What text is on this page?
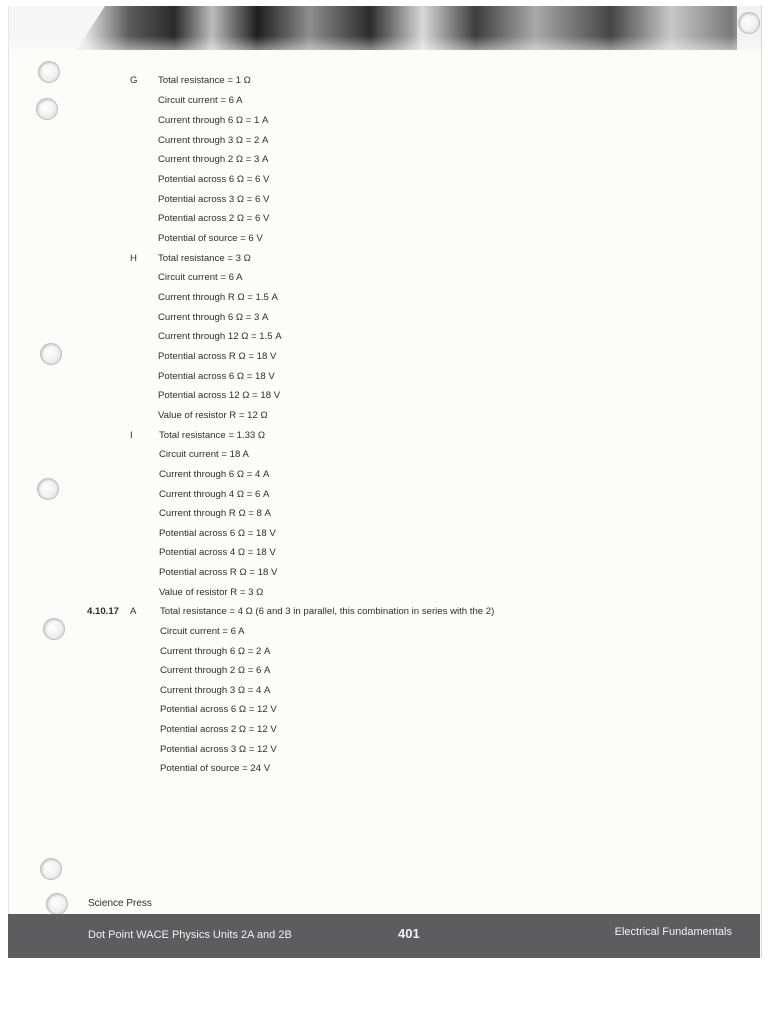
G Total resistance = 1 Ω
Circuit current = 6 A
Current through 6 Ω = 1 A
Current through 3 Ω = 2 A
Current through 2 Ω = 3 A
Potential across 6 Ω = 6 V
Potential across 3 Ω = 6 V
Potential across 2 Ω = 6 V
Potential of source = 6 V
H Total resistance = 3 Ω
Circuit current = 6 A
Current through R Ω = 1.5 A
Current through 6 Ω = 3 A
Current through 12 Ω = 1.5 A
Potential across R Ω = 18 V
Potential across 6 Ω = 18 V
Potential across 12 Ω = 18 V
Value of resistor R = 12 Ω
I	Total resistance = 1.33 Ω
Circuit current = 18 A
Current through 6 Ω = 4 A
Current through 4 Ω = 6 A
Current through R Ω = 8 A
Potential across 6 Ω = 18 V
Potential across 4 Ω = 18 V
Potential across R Ω = 18 V
Value of resistor R = 3 Ω
4.10.17 A Total resistance = 4 Ω (6 and 3 in parallel, this combination in series with the 2)
Circuit current = 6 A
Current through 6 Ω = 2 A
Current through 2 Ω = 6 A
Current through 3 Ω = 4 A
Potential across 6 Ω = 12 V
Potential across 2 Ω = 12 V
Potential across 3 Ω = 12 V
Potential of source = 24 V
Science Press
Dot Point WACE Physics Units 2A and 2B	401	Electrical Fundamentals
